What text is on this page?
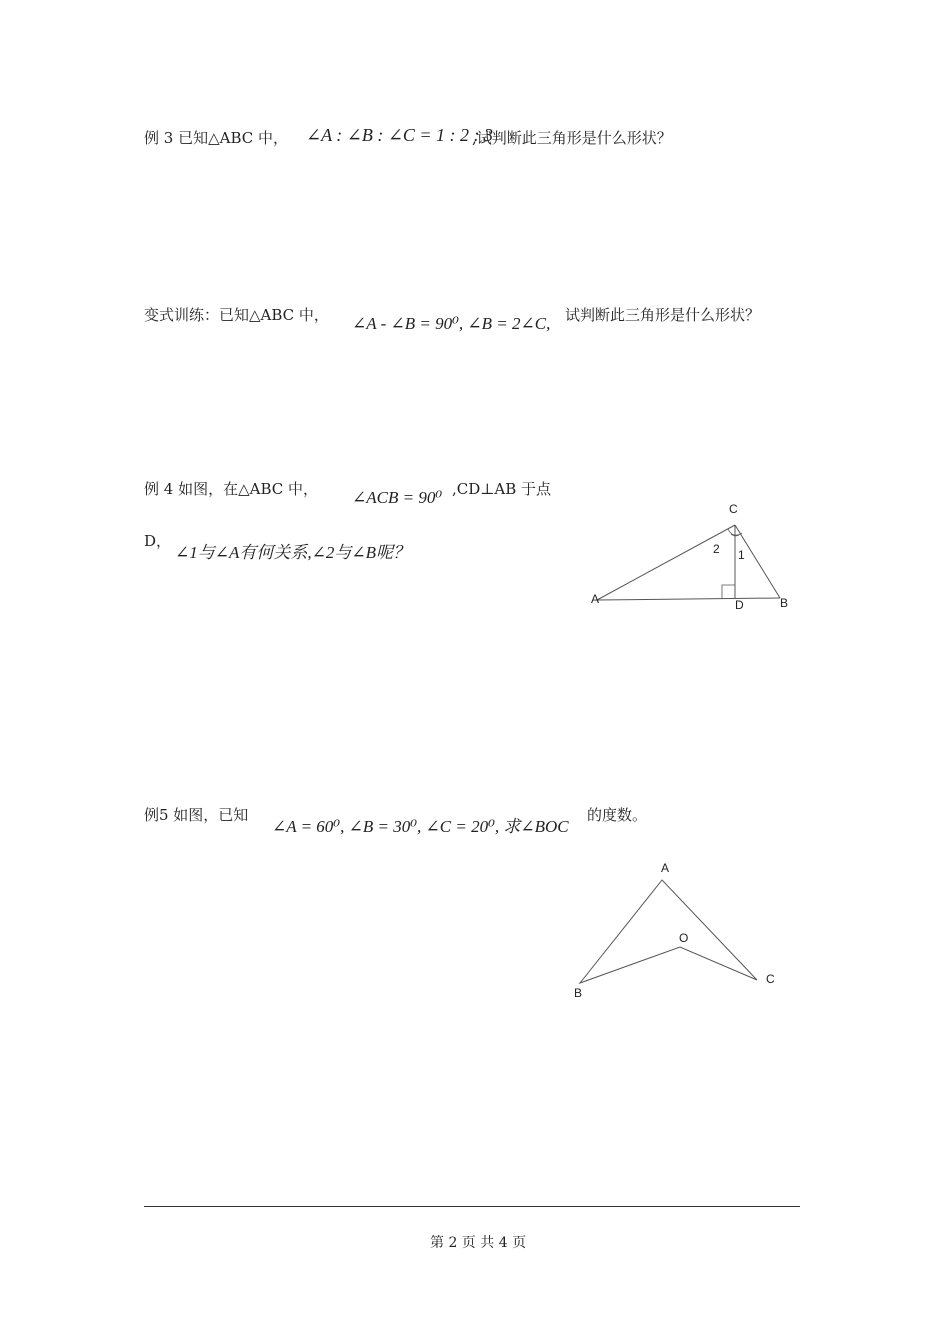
例 3 已知△ABC 中， ∠A : ∠B : ∠C = 1 : 2 : 3
,试判断此三角形是什么形状？
变式训练：已知△ABC 中， ∠A - ∠B = 90⁰, ∠B = 2∠C, 试判断此三角形是什么形状？
例 4 如图，在△ABC 中， ∠ACB = 90⁰ ,CD⊥AB 于点
D，
∠1与∠A有何关系,∠2与∠B呢？
A	B
C
D
1
2
例5 如图，已知
∠A = 60⁰, ∠B = 30⁰, ∠C = 20⁰, 求∠BOC
的度数。
A
B
C
O
第 2 页 共 4 页
